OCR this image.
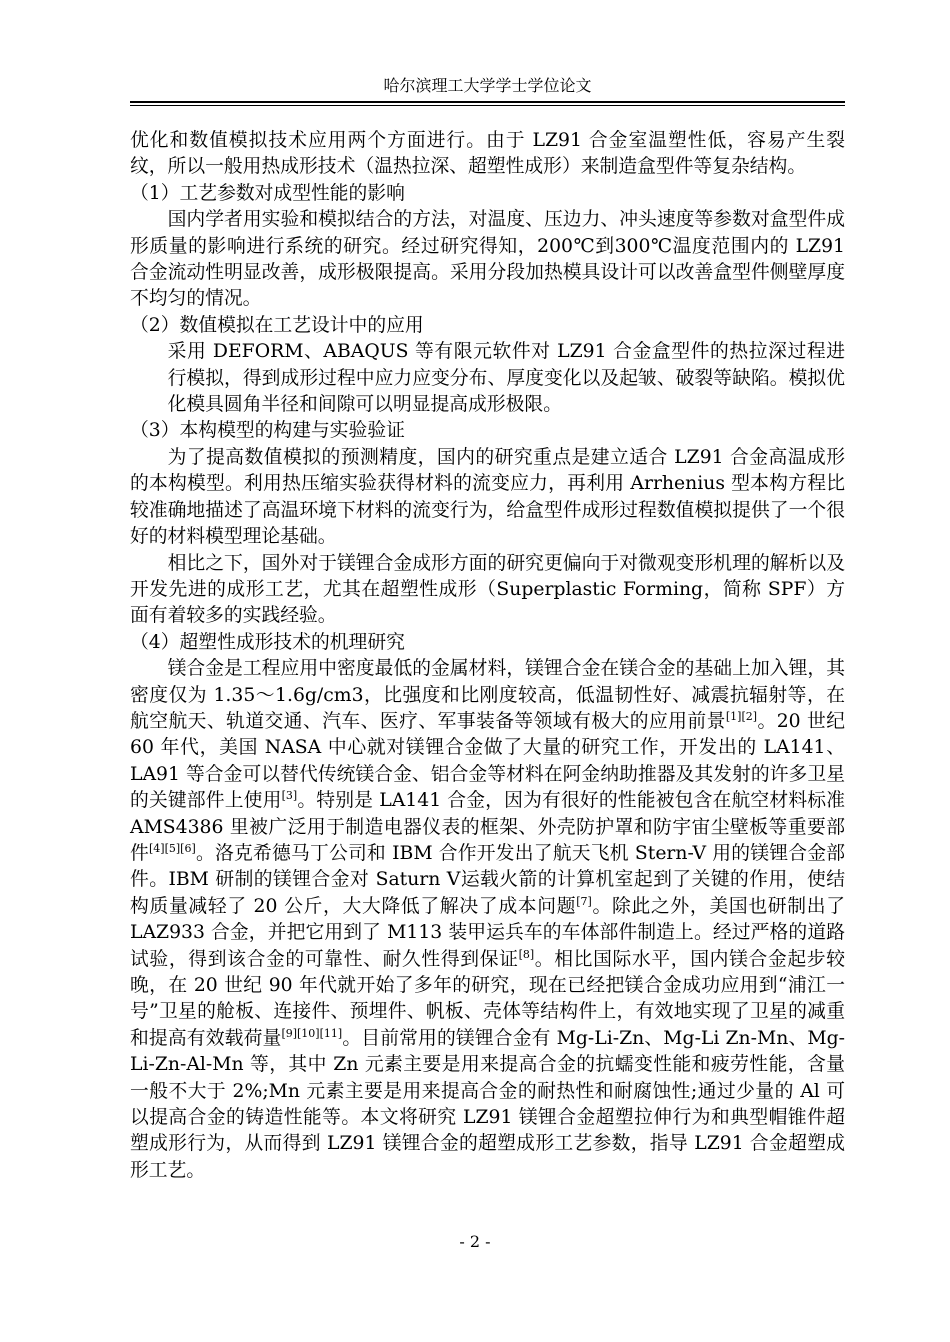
哈尔滨理工大学学士学位论文

优化和数值模拟技术应用两个方面进行。由于 LZ91 合金室温塑性低，容易产生裂纹，所以一般用热成形技术（温热拉深、超塑性成形）来制造盒型件等复杂结构。

（1）工艺参数对成型性能的影响

国内学者用实验和模拟结合的方法，对温度、压边力、冲头速度等参数对盒型件成形质量的影响进行系统的研究。经过研究得知，200℃到300℃温度范围内的 LZ91 合金流动性明显改善，成形极限提高。采用分段加热模具设计可以改善盒型件侧壁厚度不均匀的情况。

（2）数值模拟在工艺设计中的应用

采用 DEFORM、ABAQUS 等有限元软件对 LZ91 合金盒型件的热拉深过程进行模拟，得到成形过程中应力应变分布、厚度变化以及起皱、破裂等缺陷。模拟优化模具圆角半径和间隙可以明显提高成形极限。

（3）本构模型的构建与实验验证

为了提高数值模拟的预测精度，国内的研究重点是建立适合 LZ91 合金高温成形的本构模型。利用热压缩实验获得材料的流变应力，再利用 Arrhenius 型本构方程比较准确地描述了高温环境下材料的流变行为，给盒型件成形过程数值模拟提供了一个很好的材料模型理论基础。

相比之下，国外对于镁锂合金成形方面的研究更偏向于对微观变形机理的解析以及开发先进的成形工艺，尤其在超塑性成形（Superplastic Forming，简称 SPF）方面有着较多的实践经验。

（4）超塑性成形技术的机理研究

镁合金是工程应用中密度最低的金属材料，镁锂合金在镁合金的基础上加入锂，其密度仅为 1.35～1.6g/cm3，比强度和比刚度较高，低温韧性好、减震抗辐射等，在航空航天、轨道交通、汽车、医疗、军事装备等领域有极大的应用前景[1][2]。20 世纪 60 年代，美国 NASA 中心就对镁锂合金做了大量的研究工作，开发出的 LA141、LA91 等合金可以替代传统镁合金、铝合金等材料在阿金纳助推器及其发射的许多卫星的关键部件上使用[3]。特别是 LA141 合金，因为有很好的性能被包含在航空材料标准 AMS4386 里被广泛用于制造电器仪表的框架、外壳防护罩和防宇宙尘壁板等重要部件[4][5][6]。洛克希德马丁公司和 IBM 合作开发出了航天飞机 Stern-V 用的镁锂合金部件。IBM 研制的镁锂合金对 Saturn V运载火箭的计算机室起到了关键的作用，使结构质量减轻了 20 公斤，大大降低了解决了成本问题[7]。除此之外，美国也研制出了 LAZ933 合金，并把它用到了 M113 装甲运兵车的车体部件制造上。经过严格的道路试验，得到该合金的可靠性、耐久性得到保证[8]。相比国际水平，国内镁合金起步较晚，在 20 世纪 90 年代就开始了多年的研究，现在已经把镁合金成功应用到“浦江一号”卫星的舱板、连接件、预埋件、帆板、壳体等结构件上，有效地实现了卫星的减重和提高有效载荷量[9][10][11]。目前常用的镁锂合金有 Mg-Li-Zn、Mg-Li Zn-Mn、Mg-Li-Zn-Al-Mn 等，其中 Zn 元素主要是用来提高合金的抗蠕变性能和疲劳性能，含量一般不大于 2%;Mn 元素主要是用来提高合金的耐热性和耐腐蚀性;通过少量的 Al 可以提高合金的铸造性能等。本文将研究 LZ91 镁锂合金超塑拉伸行为和典型帽锥件超塑成形行为，从而得到 LZ91 镁锂合金的超塑成形工艺参数，指导 LZ91 合金超塑成形工艺。

- 2 -
